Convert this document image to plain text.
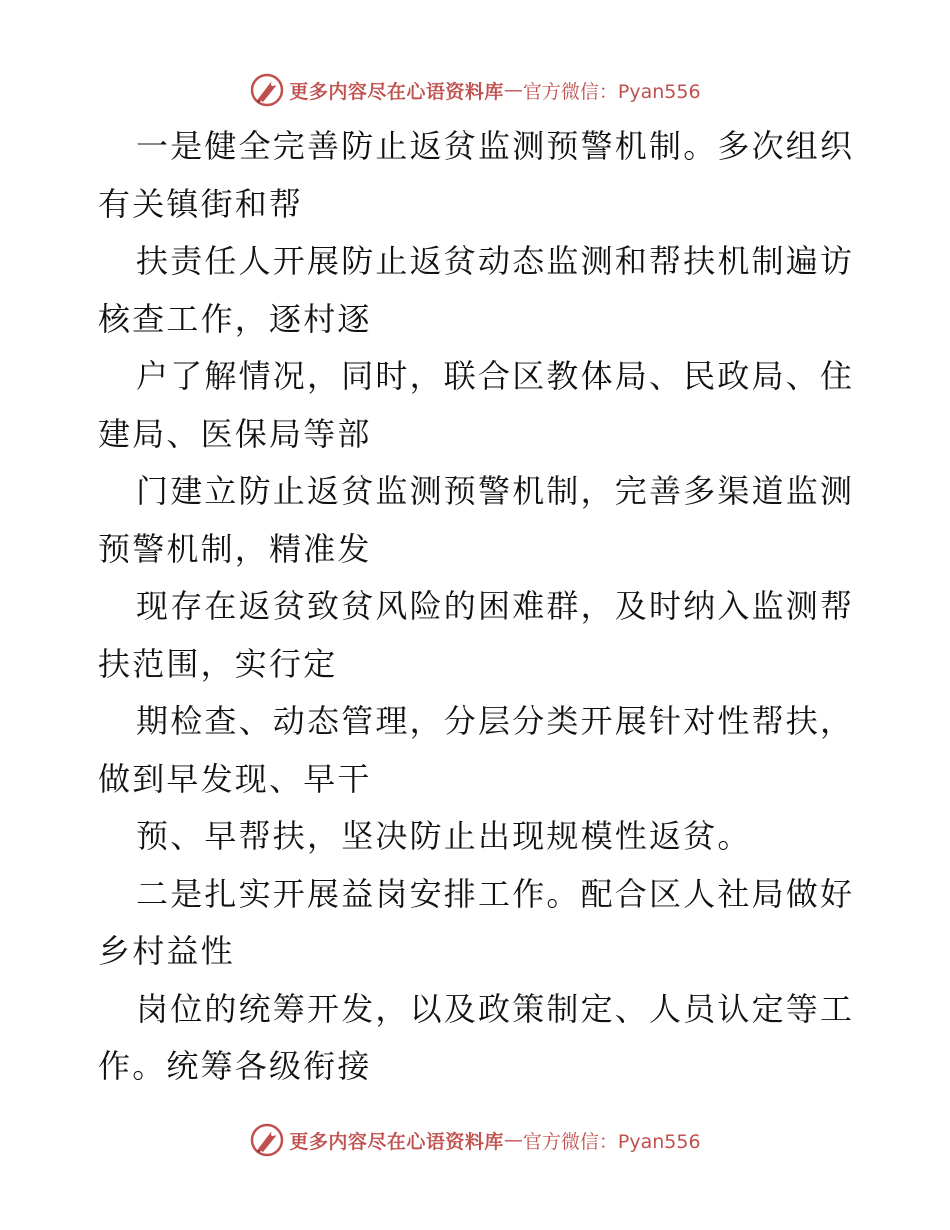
更多内容尽在心语资料库 — 官方微信：Pyan556
一是健全完善防止返贫监测预警机制。多次组织
有关镇街和帮
扶责任人开展防止返贫动态监测和帮扶机制遍访
核查工作，逐村逐
户了解情况，同时，联合区教体局、民政局、住
建局、医保局等部
门建立防止返贫监测预警机制，完善多渠道监测
预警机制，精准发
现存在返贫致贫风险的困难群，及时纳入监测帮
扶范围，实行定
期检查、动态管理，分层分类开展针对性帮扶，
做到早发现、早干
预、早帮扶，坚决防止出现规模性返贫。
二是扎实开展益岗安排工作。配合区人社局做好
乡村益性
岗位的统筹开发，以及政策制定、人员认定等工
作。统筹各级衔接
更多内容尽在心语资料库 — 官方微信：Pyan556
